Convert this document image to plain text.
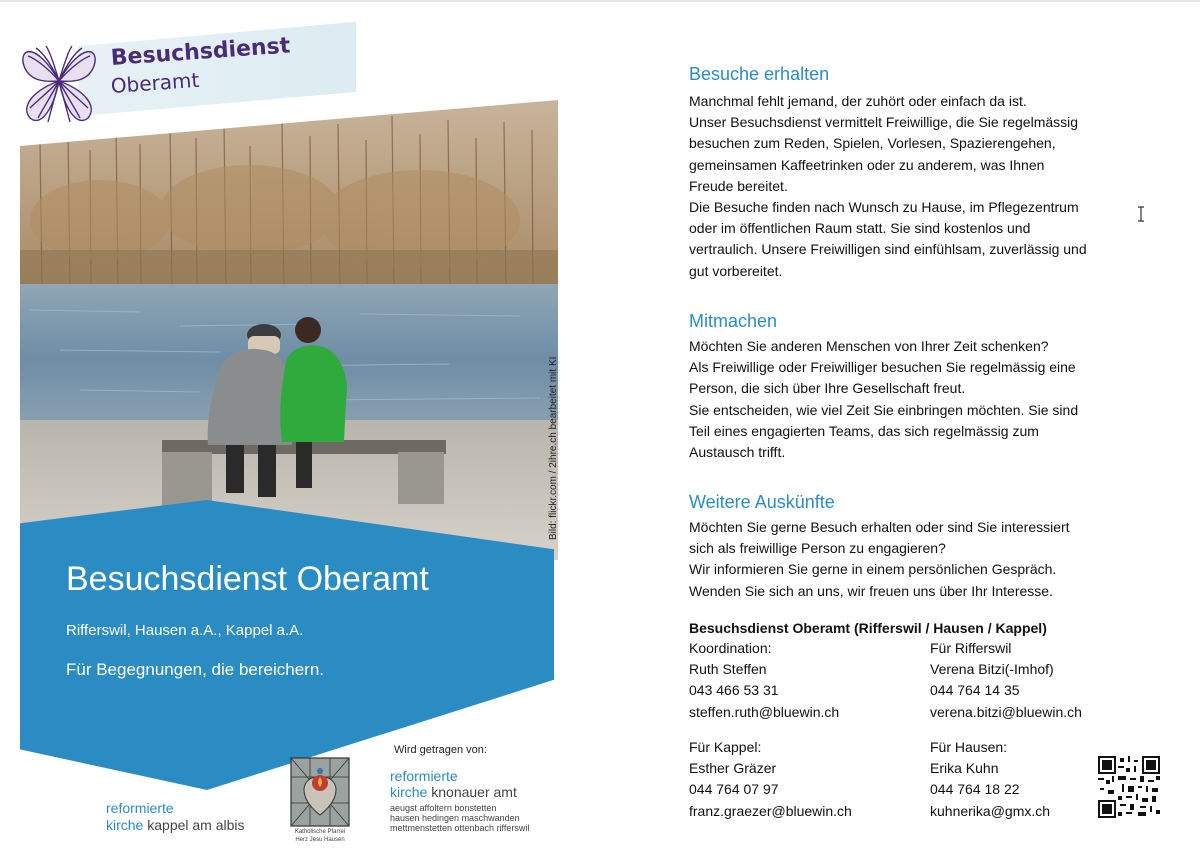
Besuchsdienst

Oberamt

Bild: flickr.com / 2ihre.ch bearbeitet mit KI

Besuchsdienst Oberamt

Rifferswil, Hausen a.A., Kappel a.A.

Für Begegnungen, die bereichern.

reformierte
kirche kappel am albis	Katholische Pfarrei
Herz Jesu Hausen
Wird getragen von:
reformierte
kirche knonauer amt
aeugst affoltern bonstetten
hausen hedingen maschwanden
mettmenstetten ottenbach rifferswil
Besuche erhalten
Manchmal fehlt jemand, der zuhört oder einfach da ist.
Unser Besuchsdienst vermittelt Freiwillige, die Sie regelmässig
besuchen zum Reden, Spielen, Vorlesen, Spazierengehen,
gemeinsamen Kaffeetrinken oder zu anderem, was Ihnen
Freude bereitet.
Die Besuche finden nach Wunsch zu Hause, im Pflegezentrum
oder im öffentlichen Raum statt. Sie sind kostenlos und
vertraulich. Unsere Freiwilligen sind einfühlsam, zuverlässig und
gut vorbereitet.
Mitmachen
Möchten Sie anderen Menschen von Ihrer Zeit schenken?
Als Freiwillige oder Freiwilliger besuchen Sie regelmässig eine
Person, die sich über Ihre Gesellschaft freut.
Sie entscheiden, wie viel Zeit Sie einbringen möchten. Sie sind
Teil eines engagierten Teams, das sich regelmässig zum
Austausch trifft.
Weitere Auskünfte
Möchten Sie gerne Besuch erhalten oder sind Sie interessiert
sich als freiwillige Person zu engagieren?
Wir informieren Sie gerne in einem persönlichen Gespräch.
Wenden Sie sich an uns, wir freuen uns über Ihr Interesse.
Besuchsdienst Oberamt (Rifferswil / Hausen / Kappel)
Koordination:
Ruth Steffen
043 466 53 31
steffen.ruth@bluewin.ch
Für Rifferswil
Verena Bitzi(-Imhof)
044 764 14 35
verena.bitzi@bluewin.ch
Für Kappel:
Esther Gräzer
044 764 07 97
franz.graezer@bluewin.ch
Für Hausen:
Erika Kuhn
044 764 18 22
kuhnerika@gmx.ch
